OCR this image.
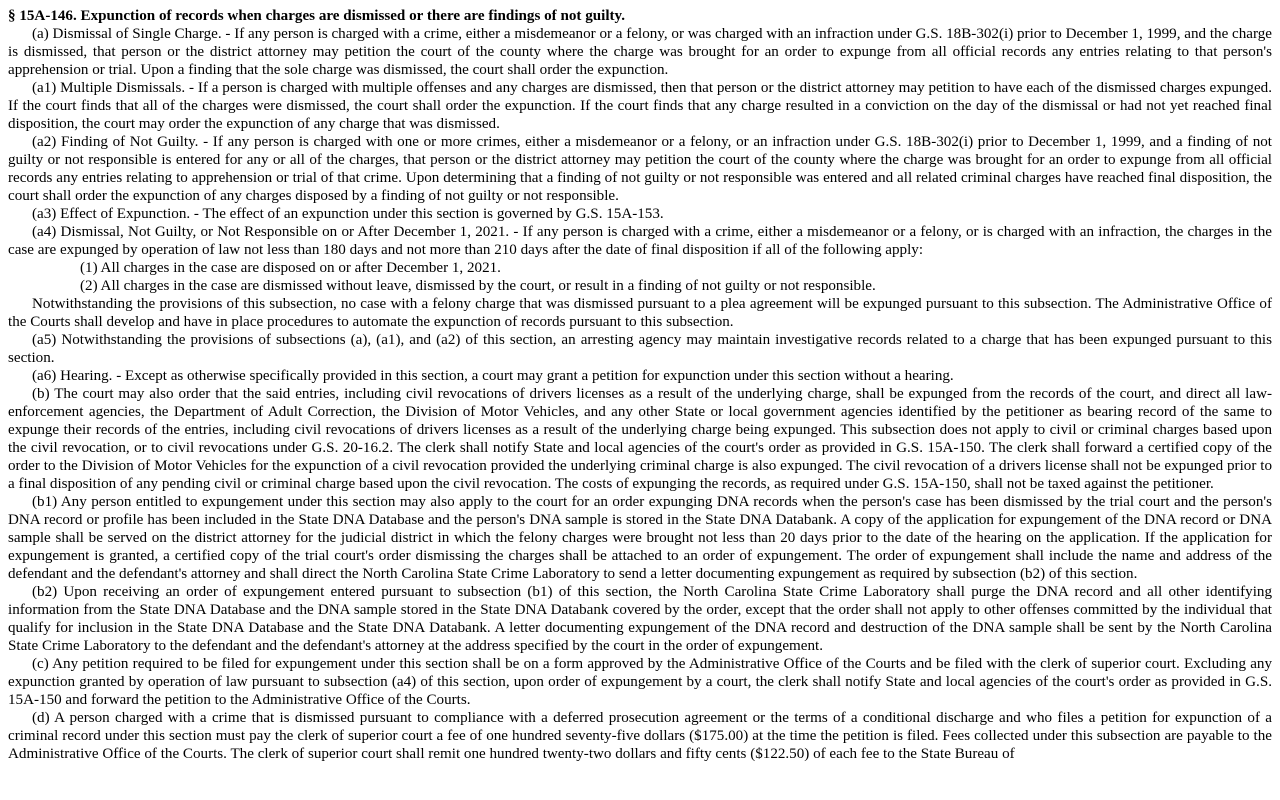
§ 15A-146. Expunction of records when charges are dismissed or there are findings of not guilty.

(a) Dismissal of Single Charge. - If any person is charged with a crime, either a misdemeanor or a felony, or was charged with an infraction under G.S. 18B-302(i) prior to December 1, 1999, and the charge is dismissed, that person or the district attorney may petition the court of the county where the charge was brought for an order to expunge from all official records any entries relating to that person's apprehension or trial. Upon a finding that the sole charge was dismissed, the court shall order the expunction.

(a1) Multiple Dismissals. - If a person is charged with multiple offenses and any charges are dismissed, then that person or the district attorney may petition to have each of the dismissed charges expunged. If the court finds that all of the charges were dismissed, the court shall order the expunction. If the court finds that any charge resulted in a conviction on the day of the dismissal or had not yet reached final disposition, the court may order the expunction of any charge that was dismissed.

(a2) Finding of Not Guilty. - If any person is charged with one or more crimes, either a misdemeanor or a felony, or an infraction under G.S. 18B-302(i) prior to December 1, 1999, and a finding of not guilty or not responsible is entered for any or all of the charges, that person or the district attorney may petition the court of the county where the charge was brought for an order to expunge from all official records any entries relating to apprehension or trial of that crime. Upon determining that a finding of not guilty or not responsible was entered and all related criminal charges have reached final disposition, the court shall order the expunction of any charges disposed by a finding of not guilty or not responsible.

(a3) Effect of Expunction. - The effect of an expunction under this section is governed by G.S. 15A-153.

(a4) Dismissal, Not Guilty, or Not Responsible on or After December 1, 2021. - If any person is charged with a crime, either a misdemeanor or a felony, or is charged with an infraction, the charges in the case are expunged by operation of law not less than 180 days and not more than 210 days after the date of final disposition if all of the following apply:

(1) All charges in the case are disposed on or after December 1, 2021.

(2) All charges in the case are dismissed without leave, dismissed by the court, or result in a finding of not guilty or not responsible.

Notwithstanding the provisions of this subsection, no case with a felony charge that was dismissed pursuant to a plea agreement will be expunged pursuant to this subsection. The Administrative Office of the Courts shall develop and have in place procedures to automate the expunction of records pursuant to this subsection.

(a5) Notwithstanding the provisions of subsections (a), (a1), and (a2) of this section, an arresting agency may maintain investigative records related to a charge that has been expunged pursuant to this section.

(a6) Hearing. - Except as otherwise specifically provided in this section, a court may grant a petition for expunction under this section without a hearing.

(b) The court may also order that the said entries, including civil revocations of drivers licenses as a result of the underlying charge, shall be expunged from the records of the court, and direct all law-enforcement agencies, the Department of Adult Correction, the Division of Motor Vehicles, and any other State or local government agencies identified by the petitioner as bearing record of the same to expunge their records of the entries, including civil revocations of drivers licenses as a result of the underlying charge being expunged. This subsection does not apply to civil or criminal charges based upon the civil revocation, or to civil revocations under G.S. 20-16.2. The clerk shall notify State and local agencies of the court's order as provided in G.S. 15A-150. The clerk shall forward a certified copy of the order to the Division of Motor Vehicles for the expunction of a civil revocation provided the underlying criminal charge is also expunged. The civil revocation of a drivers license shall not be expunged prior to a final disposition of any pending civil or criminal charge based upon the civil revocation. The costs of expunging the records, as required under G.S. 15A-150, shall not be taxed against the petitioner.

(b1) Any person entitled to expungement under this section may also apply to the court for an order expunging DNA records when the person's case has been dismissed by the trial court and the person's DNA record or profile has been included in the State DNA Database and the person's DNA sample is stored in the State DNA Databank. A copy of the application for expungement of the DNA record or DNA sample shall be served on the district attorney for the judicial district in which the felony charges were brought not less than 20 days prior to the date of the hearing on the application. If the application for expungement is granted, a certified copy of the trial court's order dismissing the charges shall be attached to an order of expungement. The order of expungement shall include the name and address of the defendant and the defendant's attorney and shall direct the North Carolina State Crime Laboratory to send a letter documenting expungement as required by subsection (b2) of this section.

(b2) Upon receiving an order of expungement entered pursuant to subsection (b1) of this section, the North Carolina State Crime Laboratory shall purge the DNA record and all other identifying information from the State DNA Database and the DNA sample stored in the State DNA Databank covered by the order, except that the order shall not apply to other offenses committed by the individual that qualify for inclusion in the State DNA Database and the State DNA Databank. A letter documenting expungement of the DNA record and destruction of the DNA sample shall be sent by the North Carolina State Crime Laboratory to the defendant and the defendant's attorney at the address specified by the court in the order of expungement.

(c) Any petition required to be filed for expungement under this section shall be on a form approved by the Administrative Office of the Courts and be filed with the clerk of superior court. Excluding any expunction granted by operation of law pursuant to subsection (a4) of this section, upon order of expungement by a court, the clerk shall notify State and local agencies of the court's order as provided in G.S. 15A-150 and forward the petition to the Administrative Office of the Courts.

(d) A person charged with a crime that is dismissed pursuant to compliance with a deferred prosecution agreement or the terms of a conditional discharge and who files a petition for expunction of a criminal record under this section must pay the clerk of superior court a fee of one hundred seventy-five dollars ($175.00) at the time the petition is filed. Fees collected under this subsection are payable to the Administrative Office of the Courts. The clerk of superior court shall remit one hundred twenty-two dollars and fifty cents ($122.50) of each fee to the State Bureau of
